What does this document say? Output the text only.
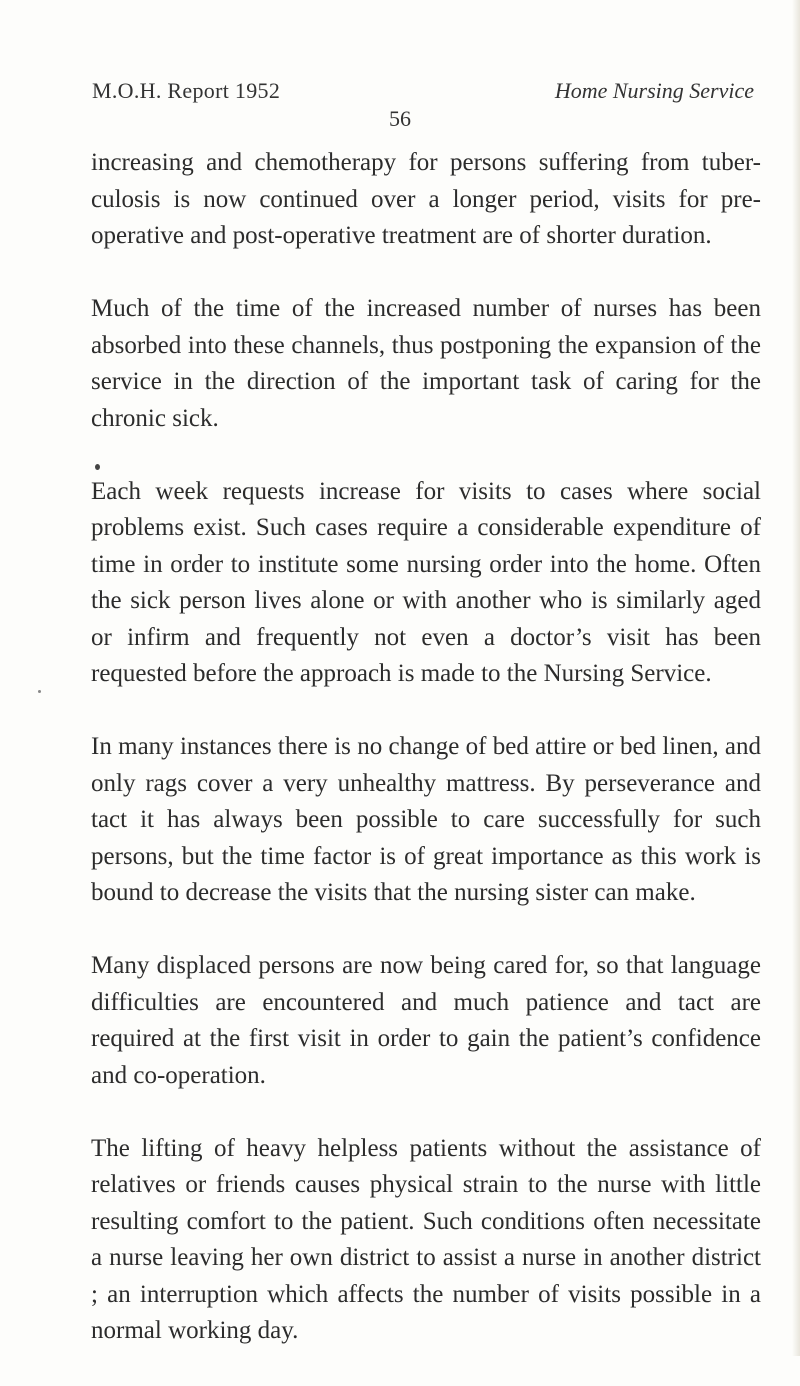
M.O.H. Report 1952	Home Nursing Service
56

increasing and chemotherapy for persons suffering from tuber-culosis is now continued over a longer period, visits for pre-operative and post-operative treatment are of shorter duration.

Much of the time of the increased number of nurses has been absorbed into these channels, thus postponing the expansion of the service in the direction of the important task of caring for the chronic sick.

Each week requests increase for visits to cases where social problems exist. Such cases require a considerable expenditure of time in order to institute some nursing order into the home. Often the sick person lives alone or with another who is similarly aged or infirm and frequently not even a doctor’s visit has been requested before the approach is made to the Nursing Service.

In many instances there is no change of bed attire or bed linen, and only rags cover a very unhealthy mattress. By perseverance and tact it has always been possible to care successfully for such persons, but the time factor is of great importance as this work is bound to decrease the visits that the nursing sister can make.

Many displaced persons are now being cared for, so that language difficulties are encountered and much patience and tact are required at the first visit in order to gain the patient’s confidence and co-operation.

The lifting of heavy helpless patients without the assistance of relatives or friends causes physical strain to the nurse with little resulting comfort to the patient. Such conditions often necessitate a nurse leaving her own district to assist a nurse in another district ; an interruption which affects the number of visits possible in a normal working day.
